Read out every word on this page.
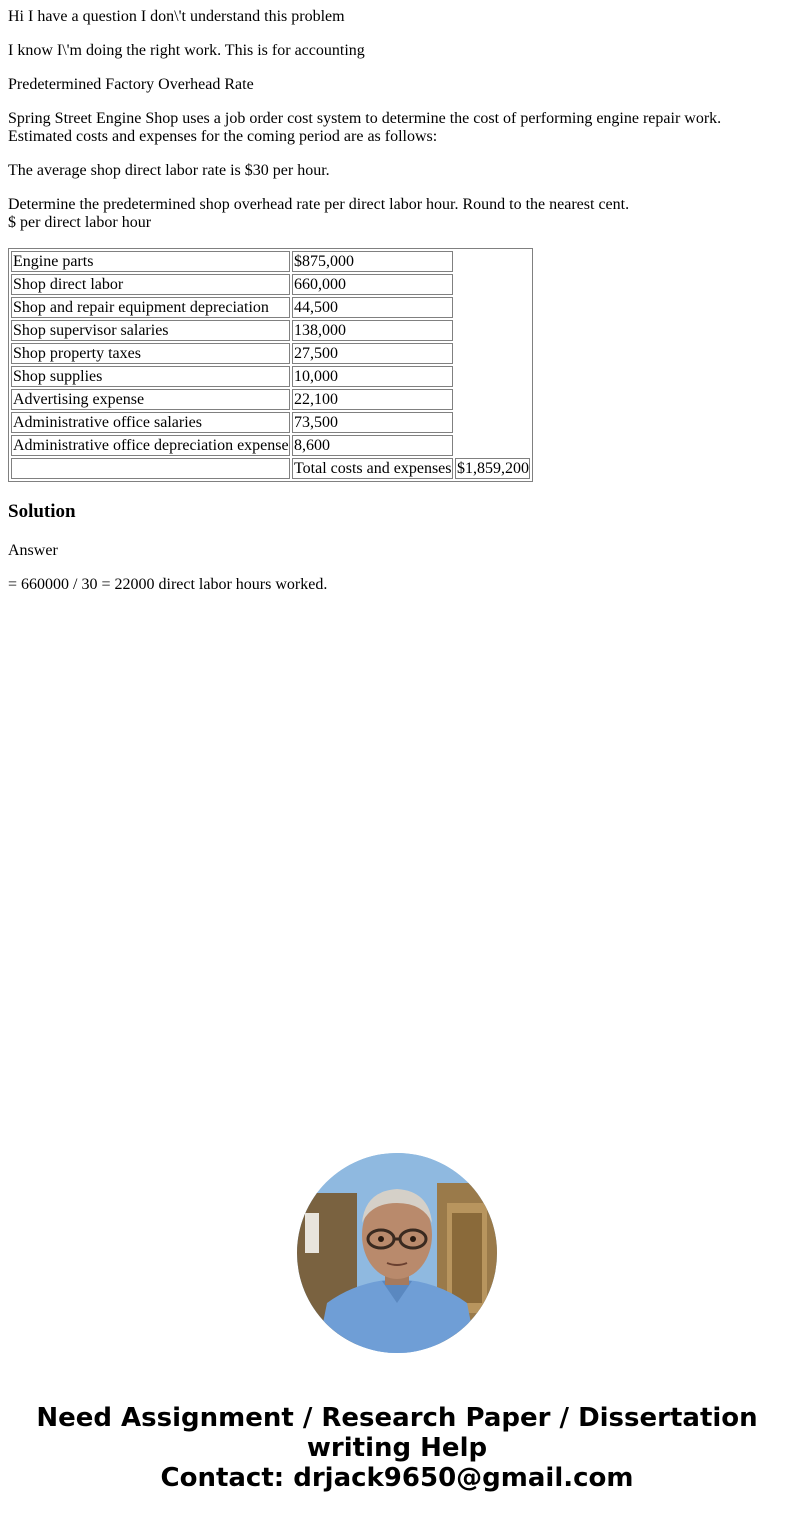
Hi I have a question I don\'t understand this problem

I know I\'m doing the right work. This is for accounting

Predetermined Factory Overhead Rate

Spring Street Engine Shop uses a job order cost system to determine the cost of performing engine repair work.
Estimated costs and expenses for the coming period are as follows:

The average shop direct labor rate is $30 per hour.

Determine the predetermined shop overhead rate per direct labor hour. Round to the nearest cent.
$ per direct labor hour

Engine parts	$875,000	
Shop direct labor	660,000	
Shop and repair equipment depreciation	44,500	
Shop supervisor salaries	138,000	
Shop property taxes	27,500	
Shop supplies	10,000	
Advertising expense	22,100	
Administrative office salaries	73,500	
Administrative office depreciation expense	8,600	
	Total costs and expenses	$1,859,200
Solution

Answer

= 660000 / 30 = 22000 direct labor hours worked.

Need Assignment / Research Paper / Dissertation
writing Help
Contact: drjack9650@gmail.com
